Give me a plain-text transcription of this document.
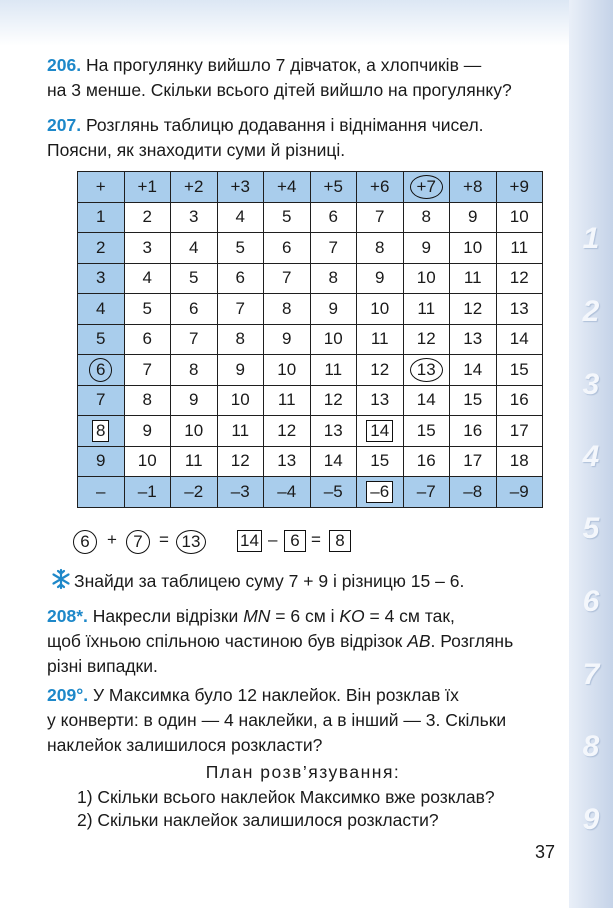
1
2
3
4
5
6
7
8
9
206. На прогулянку вийшло 7 дівчаток, а хлопчиків —
на 3 менше. Скільки всього дітей вийшло на прогулянку?
207. Розглянь таблицю додавання і віднімання чисел.
Поясни, як знаходити суми й різниці.
+	+1	+2	+3	+4	+5	+6	+7	+8	+9
1	2	3	4	5	6	7	8	9	10
2	3	4	5	6	7	8	9	10	11
3	4	5	6	7	8	9	10	11	12
4	5	6	7	8	9	10	11	12	13
5	6	7	8	9	10	11	12	13	14
6	7	8	9	10	11	12	13	14	15
7	8	9	10	11	12	13	14	15	16
8	9	10	11	12	13	14	15	16	17
9	10	11	12	13	14	15	16	17	18
–	–1	–2	–3	–4	–5	–6	–7	–8	–9
6	+ 7 = 13	14 – 6 = 8
Знайди за таблицею суму 7 + 9 і різницю 15 – 6.
208*. Накресли відрізки MN = 6 см і KO = 4 см так,
щоб їхньою спільною частиною був відрізок AB. Розглянь
різні випадки.
209°. У Максимка було 12 наклейок. Він розклав їх
у конверти: в один — 4 наклейки, а в інший — 3. Скільки
наклейок залишилося розкласти?
План розв’язування:
1) Скільки всього наклейок Максимко вже розклав?
2) Скільки наклейок залишилося розкласти?
37
